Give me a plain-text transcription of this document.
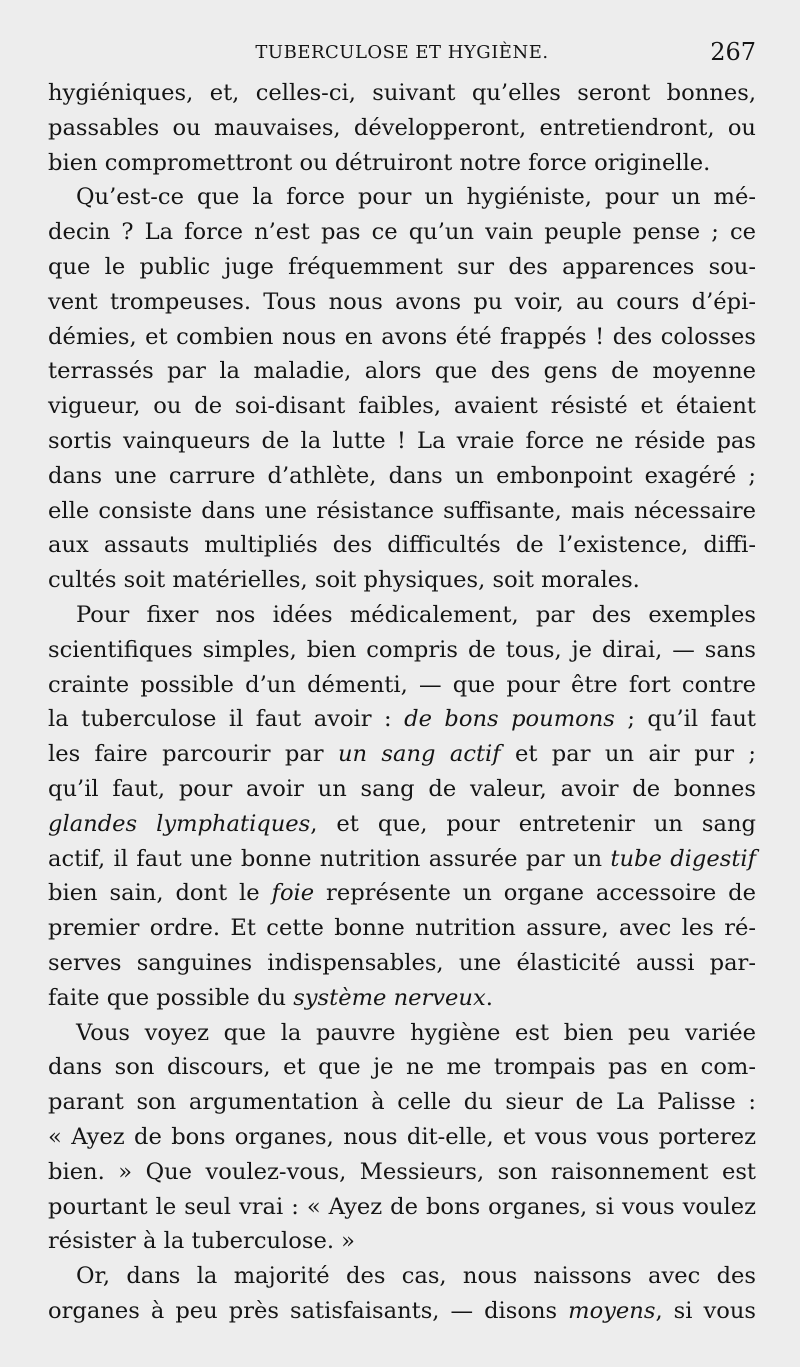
TUBERCULOSE ET HYGIÈNE.	267
hygiéniques, et, celles-ci, suivant qu’elles seront bonnes,
passables ou mauvaises, développeront, entretiendront, ou
bien compromettront ou détruiront notre force originelle.
Qu’est-ce que la force pour un hygiéniste, pour un mé-
decin ? La force n’est pas ce qu’un vain peuple pense ; ce
que le public juge fréquemment sur des apparences sou-
vent trompeuses. Tous nous avons pu voir, au cours d’épi-
démies, et combien nous en avons été frappés ! des colosses
terrassés par la maladie, alors que des gens de moyenne
vigueur, ou de soi-disant faibles, avaient résisté et étaient
sortis vainqueurs de la lutte ! La vraie force ne réside pas
dans une carrure d’athlète, dans un embonpoint exagéré ;
elle consiste dans une résistance suffisante, mais nécessaire
aux assauts multipliés des difficultés de l’existence, diffi-
cultés soit matérielles, soit physiques, soit morales.
Pour fixer nos idées médicalement, par des exemples
scientifiques simples, bien compris de tous, je dirai, — sans
crainte possible d’un démenti, — que pour être fort contre
la tuberculose il faut avoir : de bons poumons ; qu’il faut
les faire parcourir par un sang actif et par un air pur ;
qu’il faut, pour avoir un sang de valeur, avoir de bonnes
glandes lymphatiques, et que, pour entretenir un sang
actif, il faut une bonne nutrition assurée par un tube digestif
bien sain, dont le foie représente un organe accessoire de
premier ordre. Et cette bonne nutrition assure, avec les ré-
serves sanguines indispensables, une élasticité aussi par-
faite que possible du système nerveux.
Vous voyez que la pauvre hygiène est bien peu variée
dans son discours, et que je ne me trompais pas en com-
parant son argumentation à celle du sieur de La Palisse :
« Ayez de bons organes, nous dit-elle, et vous vous porterez
bien. » Que voulez-vous, Messieurs, son raisonnement est
pourtant le seul vrai : « Ayez de bons organes, si vous voulez
résister à la tuberculose. »
Or, dans la majorité des cas, nous naissons avec des
organes à peu près satisfaisants, — disons moyens, si vous
